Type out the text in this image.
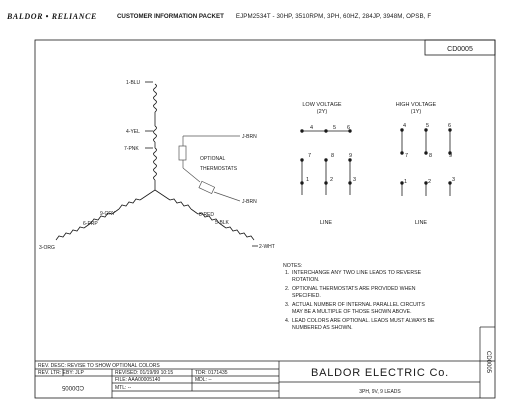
BALDOR • RELIANCE	CUSTOMER INFORMATION PACKET EJPM2534T - 30HP, 3510RPM, 3PH, 60HZ, 284JP, 3948M, OPSB, F
CD0005
1-BLU
4-YEL
7-PNK
9-GRY
6-PRP
3-ORG
8-RED
5-BLK
2-WHT
J-BRN
J-BRN
OPTIONAL
THERMOSTATS
LOW VOLTAGE
(2Y)
4	5 6
7	8	9
1	2	3
LINE
HIGH VOLTAGE
(1Y)
4	5	6
7	8	9
1	2	3
LINE
NOTES:
1. INTERCHANGE ANY TWO LINE LEADS TO REVERSE
ROTATION.
2. OPTIONAL THERMOSTATS ARE PROVIDED WHEN
SPECIFIED.
3. ACTUAL NUMBER OF INTERNAL PARALLEL CIRCUITS
MAY BE A MULTIPLE OF THOSE SHOWN ABOVE.
4. LEAD COLORS ARE OPTIONAL. LEADS MUST ALWAYS BE
NUMBERED AS SHOWN.
REV. DESC: REVISE TO SHOW OPTIONAL COLORS
REV. LTR: E BY: JLP	REVISED: 01/19/99 10:15	TDR: 0171435
FILE: AAA00005140	MDL: --
MTL: --
CD0005
BALDOR ELECTRIC Co.
3PH, 9V, 9 LEADS
CD0005
